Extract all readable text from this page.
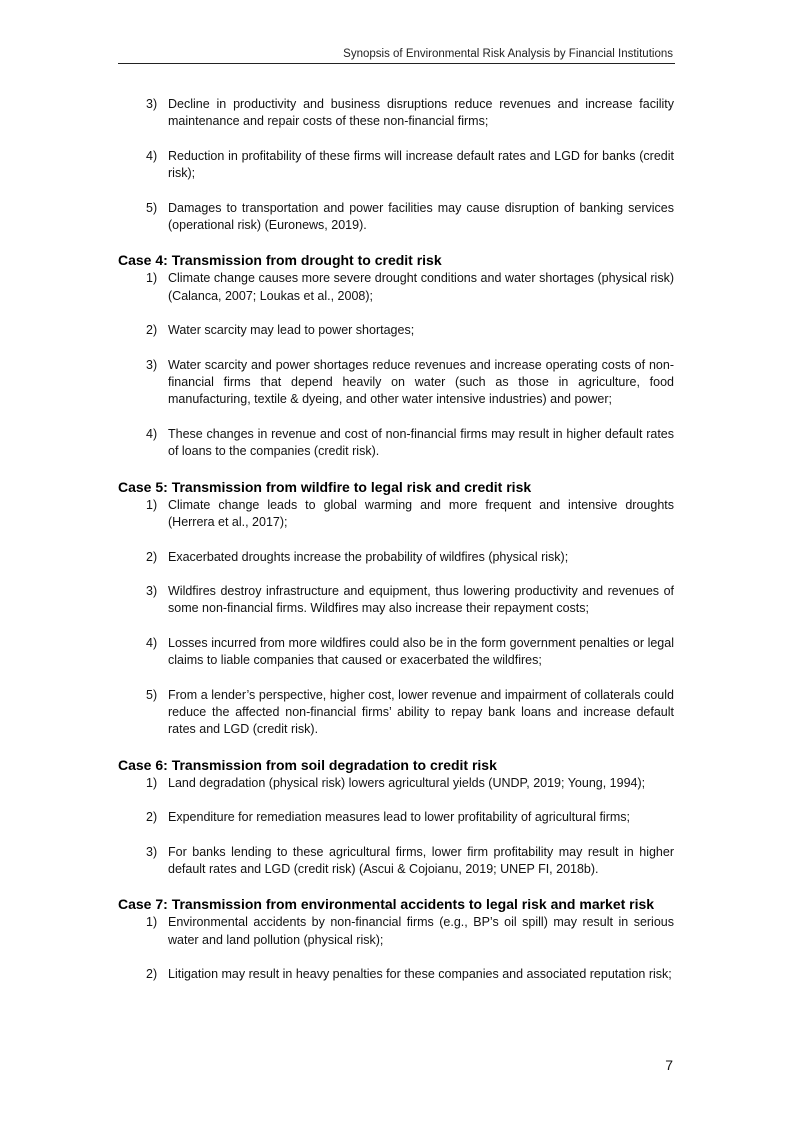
Synopsis of Environmental Risk Analysis by Financial Institutions
3) Decline in productivity and business disruptions reduce revenues and increase facility maintenance and repair costs of these non-financial firms;
4) Reduction in profitability of these firms will increase default rates and LGD for banks (credit risk);
5) Damages to transportation and power facilities may cause disruption of banking services (operational risk) (Euronews, 2019).
Case 4: Transmission from drought to credit risk
1) Climate change causes more severe drought conditions and water shortages (physical risk) (Calanca, 2007; Loukas et al., 2008);
2) Water scarcity may lead to power shortages;
3) Water scarcity and power shortages reduce revenues and increase operating costs of non-financial firms that depend heavily on water (such as those in agriculture, food manufacturing, textile & dyeing, and other water intensive industries) and power;
4) These changes in revenue and cost of non-financial firms may result in higher default rates of loans to the companies (credit risk).
Case 5: Transmission from wildfire to legal risk and credit risk
1) Climate change leads to global warming and more frequent and intensive droughts (Herrera et al., 2017);
2) Exacerbated droughts increase the probability of wildfires (physical risk);
3) Wildfires destroy infrastructure and equipment, thus lowering productivity and revenues of some non-financial firms. Wildfires may also increase their repayment costs;
4) Losses incurred from more wildfires could also be in the form government penalties or legal claims to liable companies that caused or exacerbated the wildfires;
5) From a lender’s perspective, higher cost, lower revenue and impairment of collaterals could reduce the affected non-financial firms’ ability to repay bank loans and increase default rates and LGD (credit risk).
Case 6: Transmission from soil degradation to credit risk
1) Land degradation (physical risk) lowers agricultural yields (UNDP, 2019; Young, 1994);
2) Expenditure for remediation measures lead to lower profitability of agricultural firms;
3) For banks lending to these agricultural firms, lower firm profitability may result in higher default rates and LGD (credit risk) (Ascui & Cojoianu, 2019; UNEP FI, 2018b).
Case 7: Transmission from environmental accidents to legal risk and market risk
1) Environmental accidents by non-financial firms (e.g., BP’s oil spill) may result in serious water and land pollution (physical risk);
2) Litigation may result in heavy penalties for these companies and associated reputation risk;
7
